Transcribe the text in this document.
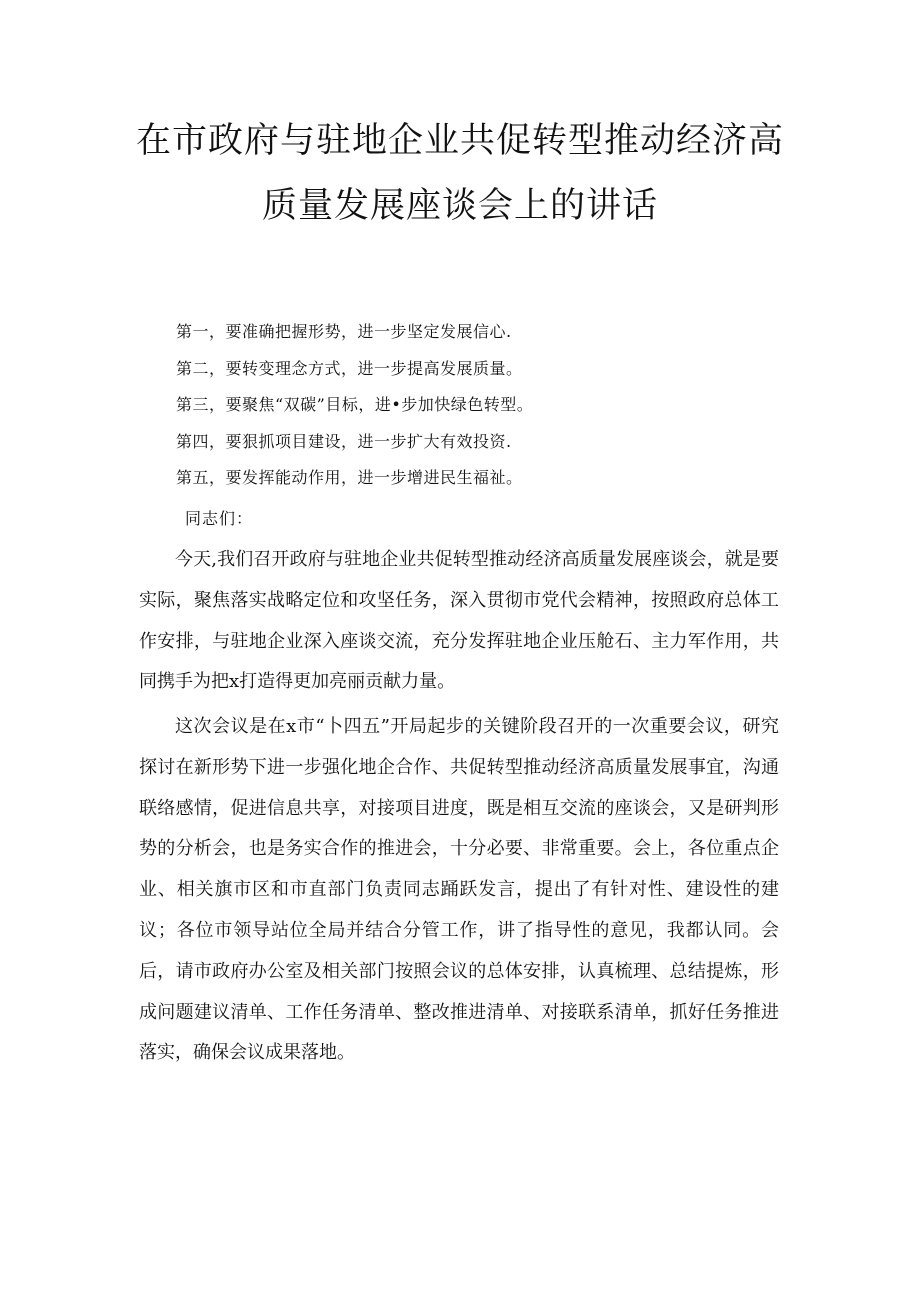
在市政府与驻地企业共促转型推动经济高
质量发展座谈会上的讲话
第一，要准确把握形势，进一步坚定发展信心.
第二，要转变理念方式，进一步提高发展质量。
第三，要聚焦“双碳”目标，进•步加快绿色转型。
第四，要狠抓项目建设，进一步扩大有效投资.
第五，要发挥能动作用，进一步增进民生福祉。
同志们：

今天,我们召开政府与驻地企业共促转型推动经济高质量发展座谈会，就是要实际，聚焦落实战略定位和攻坚任务，深入贯彻市党代会精神，按照政府总体工作安排，与驻地企业深入座谈交流，充分发挥驻地企业压舱石、主力军作用，共同携手为把x打造得更加亮丽贡献力量。

这次会议是在x市“卜四五”开局起步的关键阶段召开的一次重要会议，研究探讨在新形势下进一步强化地企合作、共促转型推动经济高质量发展事宜，沟通联络感情，促进信息共享，对接项目进度，既是相互交流的座谈会，又是研判形势的分析会，也是务实合作的推进会，十分必要、非常重要。会上，各位重点企业、相关旗市区和市直部门负责同志踊跃发言，提出了有针对性、建设性的建议；各位市领导站位全局并结合分管工作，讲了指导性的意见，我都认同。会后，请市政府办公室及相关部门按照会议的总体安排，认真梳理、总结提炼，形成问题建议清单、工作任务清单、整改推进清单、对接联系清单，抓好任务推进落实，确保会议成果落地。
